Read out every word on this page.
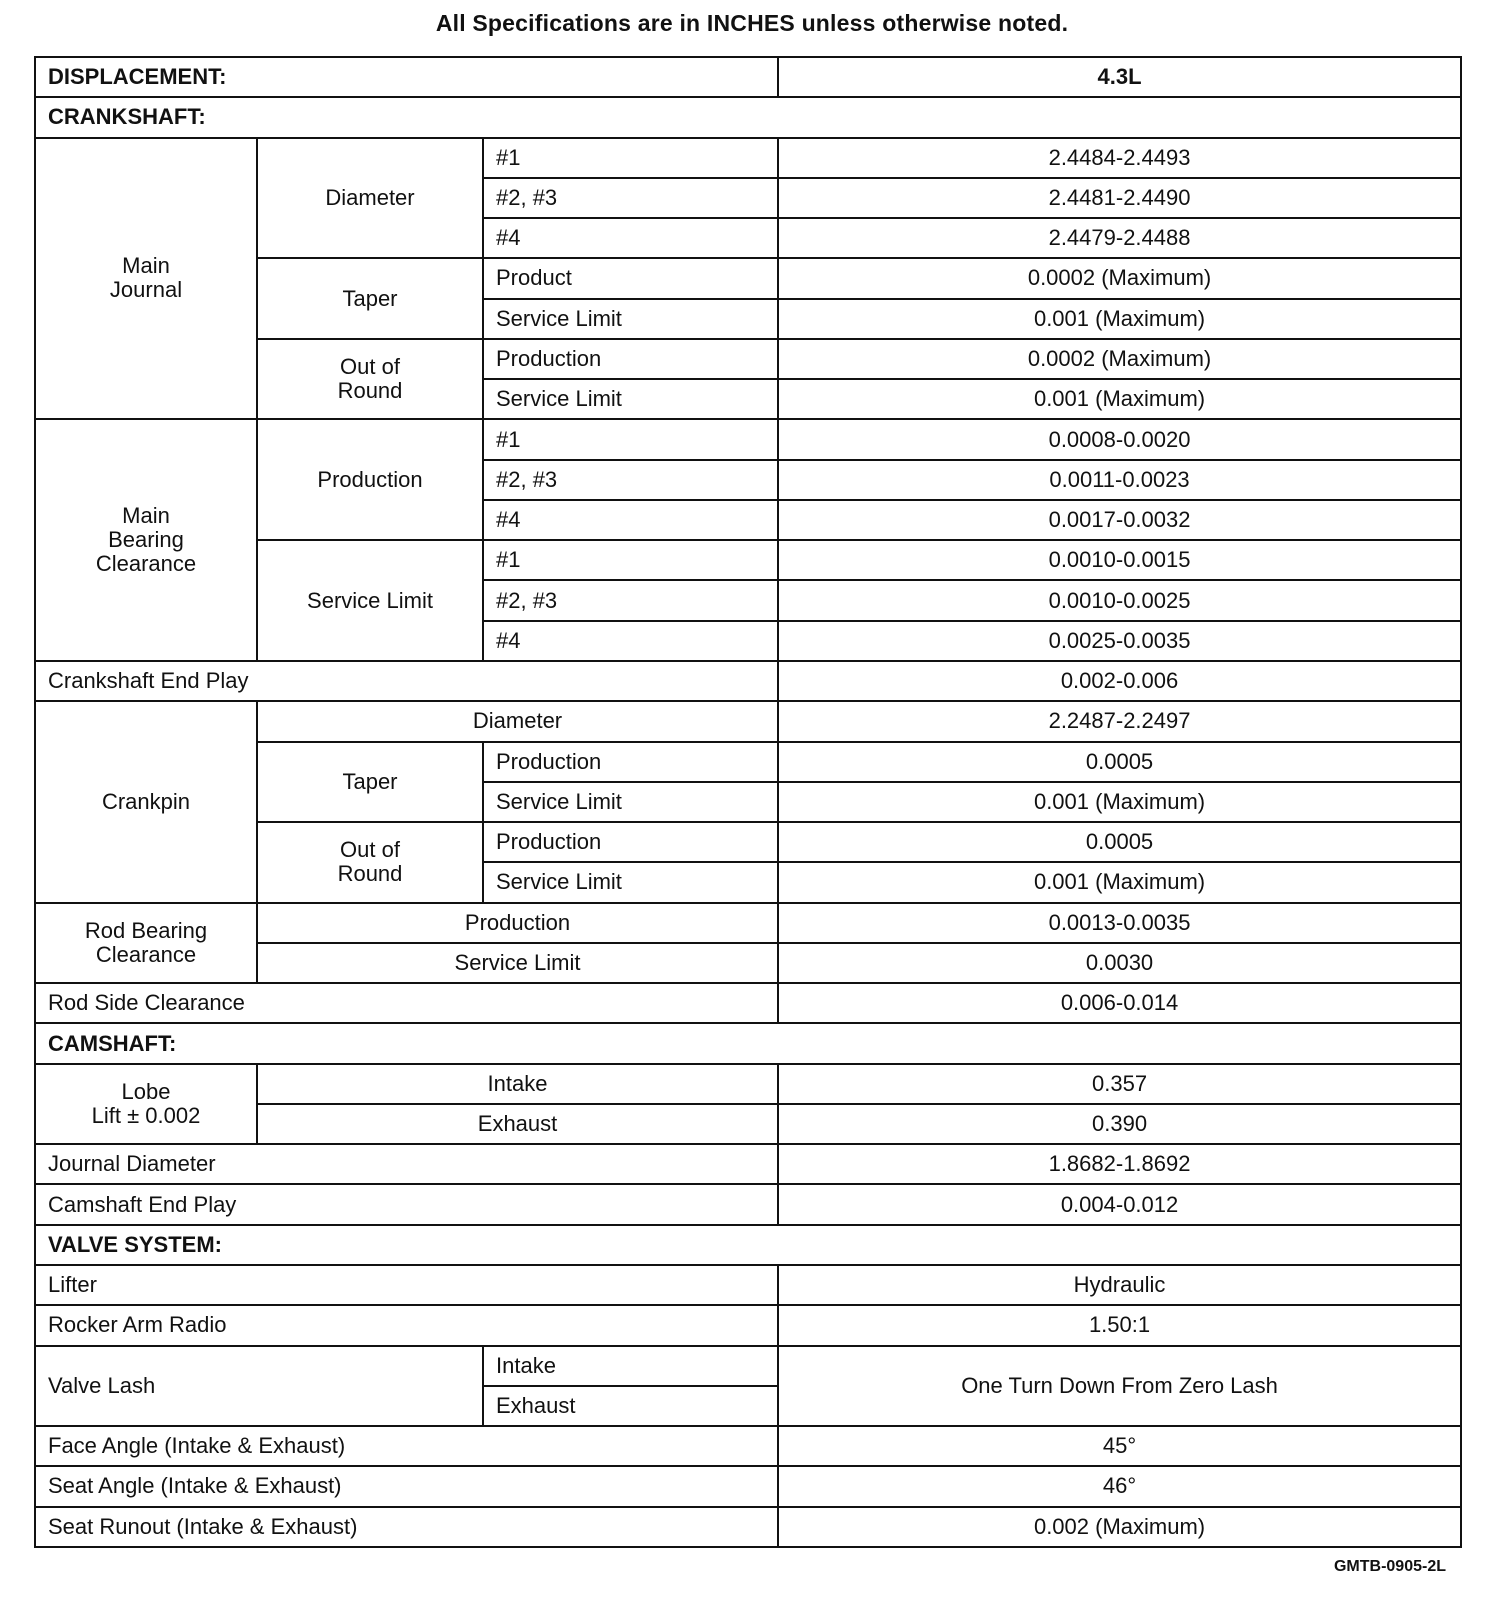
All Specifications are in INCHES unless otherwise noted.
DISPLACEMENT:			4.3L
CRANKSHAFT:			

Main
Journal	Diameter	#1	2.4484-2.4493
		#2, #3	2.4481-2.4490
		#4	2.4479-2.4488
	Taper	Product	0.0002 (Maximum)
		Service Limit	0.001 (Maximum)

	Out of
Round	Production	0.0002 (Maximum)
		Service Limit	0.001 (Maximum)

Main
Bearing
Clearance	Production	#1	0.0008-0.0020
		#2, #3	0.0011-0.0023
		#4	0.0017-0.0032
	Service Limit	#1	0.0010-0.0015
		#2, #3	0.0010-0.0025
		#4	0.0025-0.0035
Crankshaft End Play			0.002-0.006
Crankpin	Diameter		2.2487-2.2497
	Taper	Production	0.0005
		Service Limit	0.001 (Maximum)

	Out of
Round	Production	0.0005
		Service Limit	0.001 (Maximum)

Rod Bearing
Clearance	Production		0.0013-0.0035
	Service Limit		0.0030
Rod Side Clearance			0.006-0.014
CAMSHAFT:			

Lobe
Lift ± 0.002	Intake		0.357
	Exhaust		0.390
Journal Diameter			1.8682-1.8692
Camshaft End Play			0.004-0.012
VALVE SYSTEM:			
Lifter			Hydraulic
Rocker Arm Radio			1.50:1
Valve Lash		Intake	One Turn Down From Zero Lash
		Exhaust	
Face Angle (Intake & Exhaust)			45°
Seat Angle (Intake & Exhaust)			46°
Seat Runout (Intake & Exhaust)			0.002 (Maximum)
GMTB-0905-2L
